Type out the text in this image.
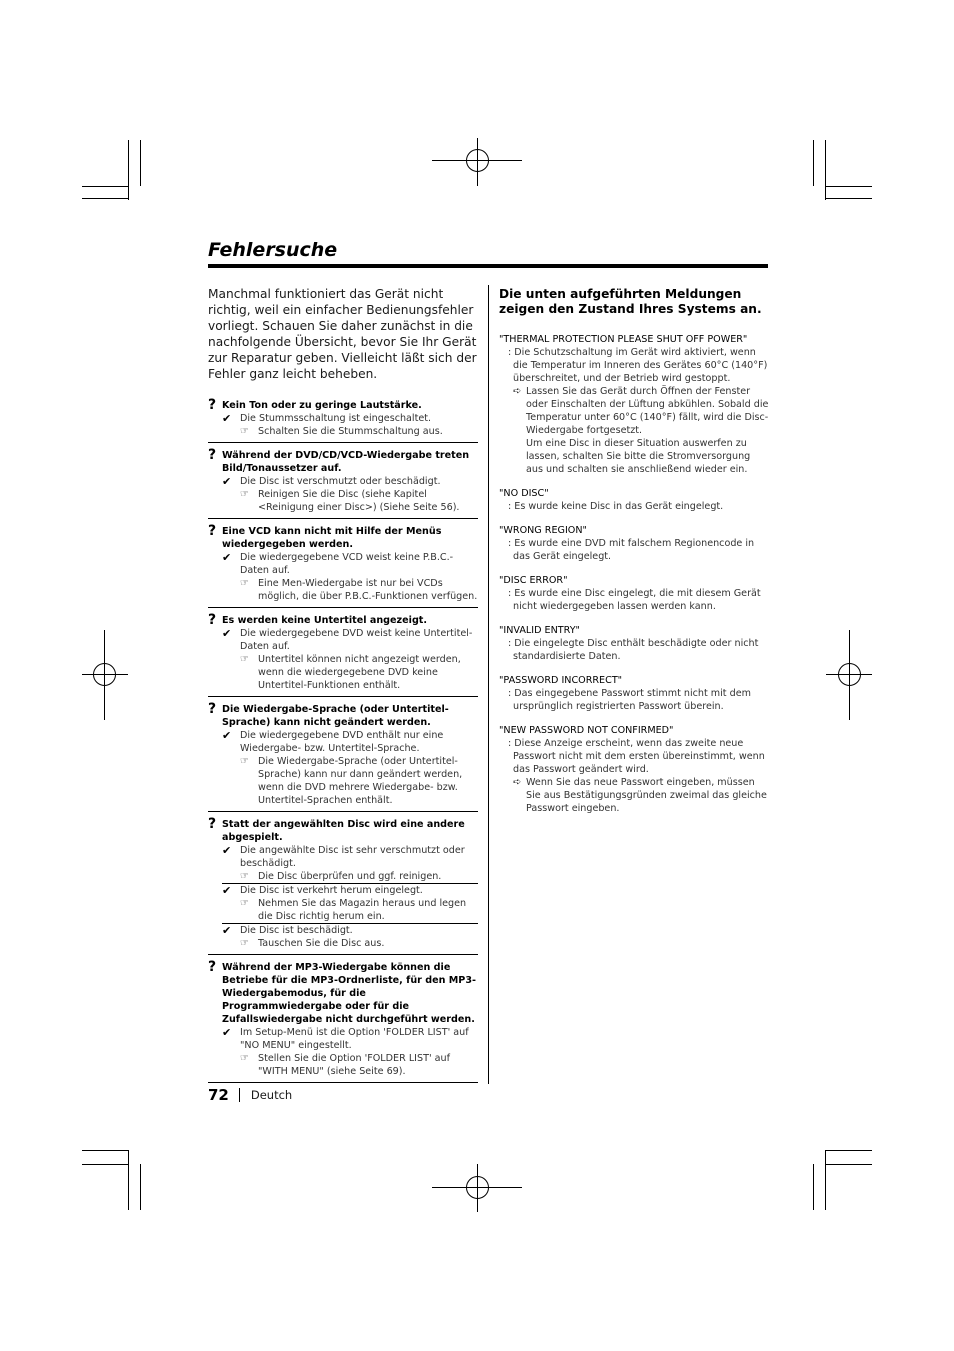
Fehlersuche

Manchmal funktioniert das Gerät nicht richtig, weil ein einfacher Bedienungsfehler vorliegt. Schauen Sie daher zunächst in die nachfolgende Übersicht, bevor Sie Ihr Gerät zur Reparatur geben. Vielleicht läßt sich der Fehler ganz leicht beheben.

? Kein Ton oder zu geringe Lautstärke.
✔ Die Stummsschaltung ist eingeschaltet.
☞ Schalten Sie die Stummschaltung aus.
? Während der DVD/CD/VCD-Wiedergabe treten Bild/Tonaussetzer auf.
✔ Die Disc ist verschmutzt oder beschädigt.
☞ Reinigen Sie die Disc (siehe Kapitel <Reinigung einer Disc>) (Siehe Seite 56).
? Eine VCD kann nicht mit Hilfe der Menüs wiedergegeben werden.
✔ Die wiedergegebene VCD weist keine P.B.C.-Daten auf.
☞ Eine Men-Wiedergabe ist nur bei VCDs möglich, die über P.B.C.-Funktionen verfügen.
? Es werden keine Untertitel angezeigt.
✔ Die wiedergegebene DVD weist keine Untertitel-Daten auf.
☞ Untertitel können nicht angezeigt werden, wenn die wiedergegebene DVD keine Untertitel-Funktionen enthält.
? Die Wiedergabe-Sprache (oder Untertitel-Sprache) kann nicht geändert werden.
✔ Die wiedergegebene DVD enthält nur eine Wiedergabe- bzw. Untertitel-Sprache.
☞ Die Wiedergabe-Sprache (oder Untertitel-Sprache) kann nur dann geändert werden, wenn die DVD mehrere Wiedergabe- bzw. Untertitel-Sprachen enthält.
? Statt der angewählten Disc wird eine andere abgespielt.
✔ Die angewählte Disc ist sehr verschmutzt oder beschädigt.
☞ Die Disc überprüfen und ggf. reinigen.
✔ Die Disc ist verkehrt herum eingelegt.
☞ Nehmen Sie das Magazin heraus und legen die Disc richtig herum ein.
✔ Die Disc ist beschädigt.
☞ Tauschen Sie die Disc aus.
? Während der MP3-Wiedergabe können die Betriebe für die MP3-Ordnerliste, für den MP3-Wiedergabemodus, für die Programmwiedergabe oder für die Zufallswiedergabe nicht durchgeführt werden.
✔ Im Setup-Menü ist die Option 'FOLDER LIST' auf "NO MENU" eingestellt.
☞ Stellen Sie die Option 'FOLDER LIST' auf "WITH MENU" (siehe Seite 69).
Die unten aufgeführten Meldungen zeigen den Zustand Ihres Systems an.
"THERMAL PROTECTION PLEASE SHUT OFF POWER"
: Die Schutzschaltung im Gerät wird aktiviert, wenn die Temperatur im Inneren des Gerätes 60°C (140°F) überschreitet, und der Betrieb wird gestoppt.
➪ Lassen Sie das Gerät durch Öffnen der Fenster oder Einschalten der Lüftung abkühlen. Sobald die Temperatur unter 60°C (140°F) fällt, wird die Disc-Wiedergabe fortgesetzt.
Um eine Disc in dieser Situation auswerfen zu lassen, schalten Sie bitte die Stromversorgung aus und schalten sie anschließend wieder ein.
"NO DISC"
: Es wurde keine Disc in das Gerät eingelegt.
"WRONG REGION"
: Es wurde eine DVD mit falschem Regionencode in das Gerät eingelegt.
"DISC ERROR"
: Es wurde eine Disc eingelegt, die mit diesem Gerät nicht wiedergegeben lassen werden kann.
"INVALID ENTRY"
: Die eingelegte Disc enthält beschädigte oder nicht standardisierte Daten.
"PASSWORD INCORRECT"
: Das eingegebene Passwort stimmt nicht mit dem ursprünglich registrierten Passwort überein.
"NEW PASSWORD NOT CONFIRMED"
: Diese Anzeige erscheint, wenn das zweite neue Passwort nicht mit dem ersten übereinstimmt, wenn das Passwort geändert wird.
➪ Wenn Sie das neue Passwort eingeben, müssen Sie aus Bestätigungsgründen zweimal das gleiche Passwort eingeben.
72 Deutch
